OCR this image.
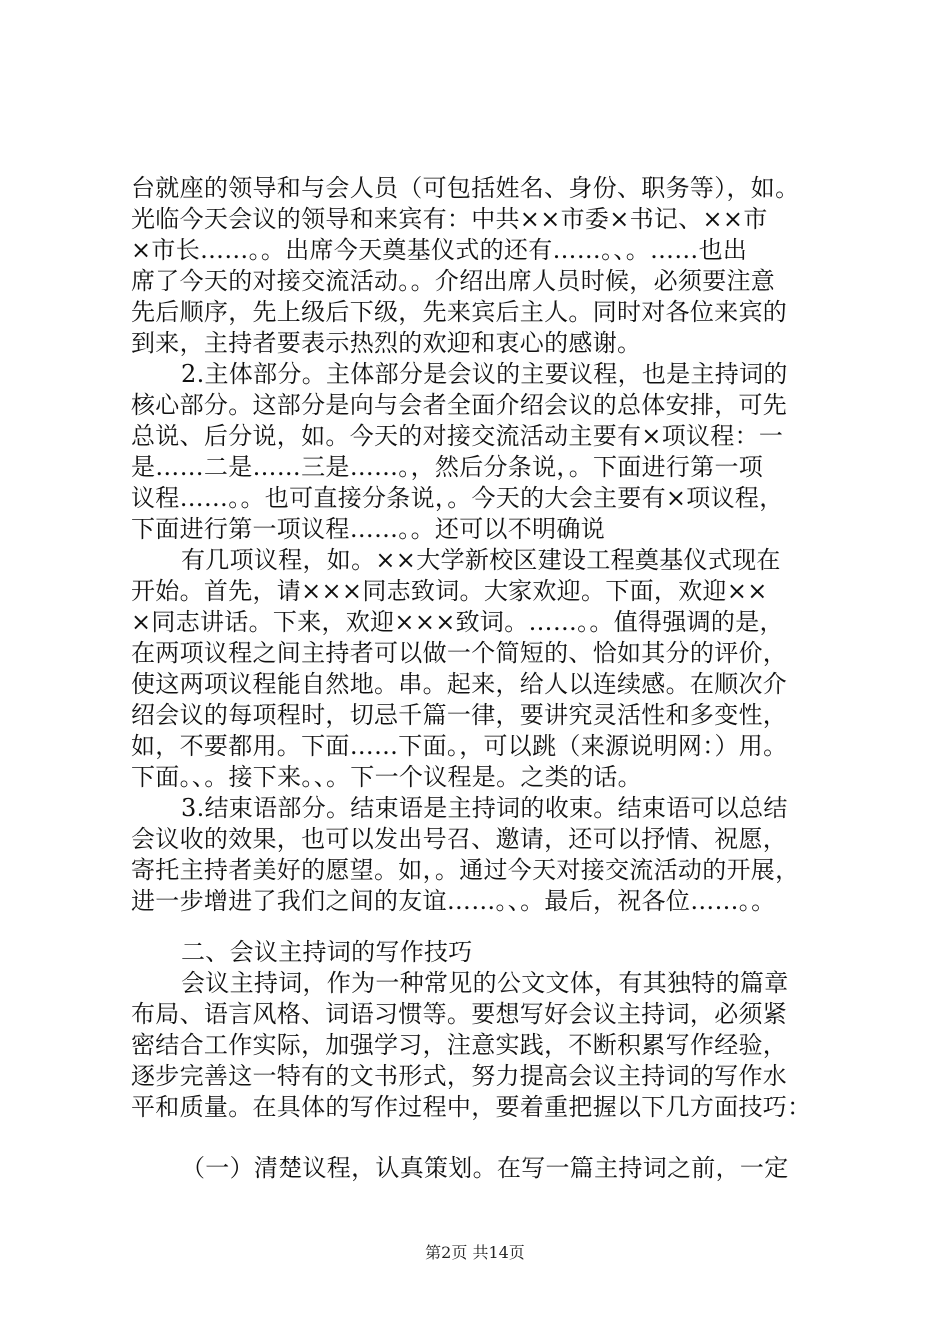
台就座的领导和与会人员（可包括姓名、身份、职务等），如。
光临今天会议的领导和来宾有：中共××市委×书记、××市
×市长……。。出席今天奠基仪式的还有……。、。……也出
席了今天的对接交流活动。。介绍出席人员时候，必须要注意
先后顺序，先上级后下级，先来宾后主人。同时对各位来宾的
到来，主持者要表示热烈的欢迎和衷心的感谢。
2.主体部分。主体部分是会议的主要议程，也是主持词的
核心部分。这部分是向与会者全面介绍会议的总体安排，可先
总说、后分说，如。今天的对接交流活动主要有×项议程：一
是……二是……三是……。，然后分条说，。下面进行第一项
议程……。。也可直接分条说，。今天的大会主要有×项议程，
下面进行第一项议程……。。还可以不明确说
有几项议程，如。××大学新校区建设工程奠基仪式现在
开始。首先，请×××同志致词。大家欢迎。下面，欢迎××
×同志讲话。下来，欢迎×××致词。……。。值得强调的是，
在两项议程之间主持者可以做一个简短的、恰如其分的评价，
使这两项议程能自然地。串。起来，给人以连续感。在顺次介
绍会议的每项程时，切忌千篇一律，要讲究灵活性和多变性，
如，不要都用。下面……下面。，可以跳（来源说明网：）用。
下面。、。接下来。、。下一个议程是。之类的话。
3.结束语部分。结束语是主持词的收束。结束语可以总结
会议收的效果，也可以发出号召、邀请，还可以抒情、祝愿，
寄托主持者美好的愿望。如，。通过今天对接交流活动的开展，
进一步增进了我们之间的友谊……。、。最后，祝各位……。。
二、会议主持词的写作技巧
会议主持词，作为一种常见的公文文体，有其独特的篇章
布局、语言风格、词语习惯等。要想写好会议主持词，必须紧
密结合工作实际，加强学习，注意实践，不断积累写作经验，
逐步完善这一特有的文书形式，努力提高会议主持词的写作水
平和质量。在具体的写作过程中，要着重把握以下几方面技巧：
（一）清楚议程，认真策划。在写一篇主持词之前，一定
第2页 共14页
